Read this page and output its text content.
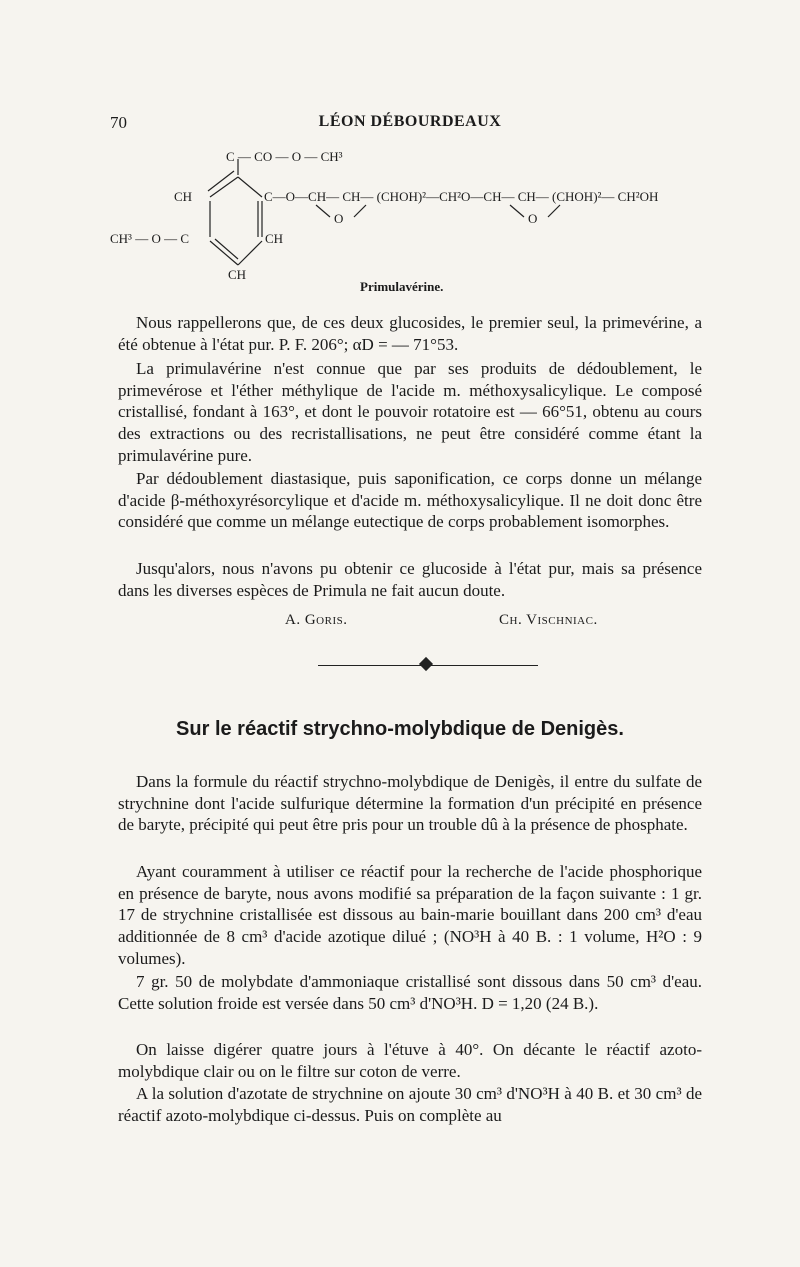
70	LÉON DÉBOURDEAUX
C — CO — O — CH³
CH	C—O—CH— CH— (CHOH)²—CH²O—CH— CH— (CHOH)²— CH²OH
O	O
CH³ — O — C	CH
CH
Primulavérine.

Nous rappellerons que, de ces deux glucosides, le premier seul, la primevérine, a été obtenue à l'état pur. P. F. 206°; αD = — 71°53.

La primulavérine n'est connue que par ses produits de dédoublement, le primevérose et l'éther méthylique de l'acide m. méthoxysalicylique. Le composé cristallisé, fondant à 163°, et dont le pouvoir rotatoire est — 66°51, obtenu au cours des extractions ou des recristallisations, ne peut être considéré comme étant la primulavérine pure.

Par dédoublement diastasique, puis saponification, ce corps donne un mélange d'acide β-méthoxyrésorcylique et d'acide m. méthoxysalicylique. Il ne doit donc être considéré que comme un mélange eutectique de corps probablement isomorphes.

Jusqu'alors, nous n'avons pu obtenir ce glucoside à l'état pur, mais sa présence dans les diverses espèces de Primula ne fait aucun doute.

A. Goris.	Ch. Vischniac.
Sur le réactif strychno-molybdique de Denigès.

Dans la formule du réactif strychno-molybdique de Denigès, il entre du sulfate de strychnine dont l'acide sulfurique détermine la formation d'un précipité en présence de baryte, précipité qui peut être pris pour un trouble dû à la présence de phosphate.

Ayant couramment à utiliser ce réactif pour la recherche de l'acide phosphorique en présence de baryte, nous avons modifié sa préparation de la façon suivante : 1 gr. 17 de strychnine cristallisée est dissous au bain-marie bouillant dans 200 cm³ d'eau additionnée de 8 cm³ d'acide azotique dilué ; (NO³H à 40 B. : 1 volume, H²O : 9 volumes).

7 gr. 50 de molybdate d'ammoniaque cristallisé sont dissous dans 50 cm³ d'eau. Cette solution froide est versée dans 50 cm³ d'NO³H. D = 1,20 (24 B.).

On laisse digérer quatre jours à l'étuve à 40°. On décante le réactif azoto-molybdique clair ou on le filtre sur coton de verre.

A la solution d'azotate de strychnine on ajoute 30 cm³ d'NO³H à 40 B. et 30 cm³ de réactif azoto-molybdique ci-dessus. Puis on complète au
